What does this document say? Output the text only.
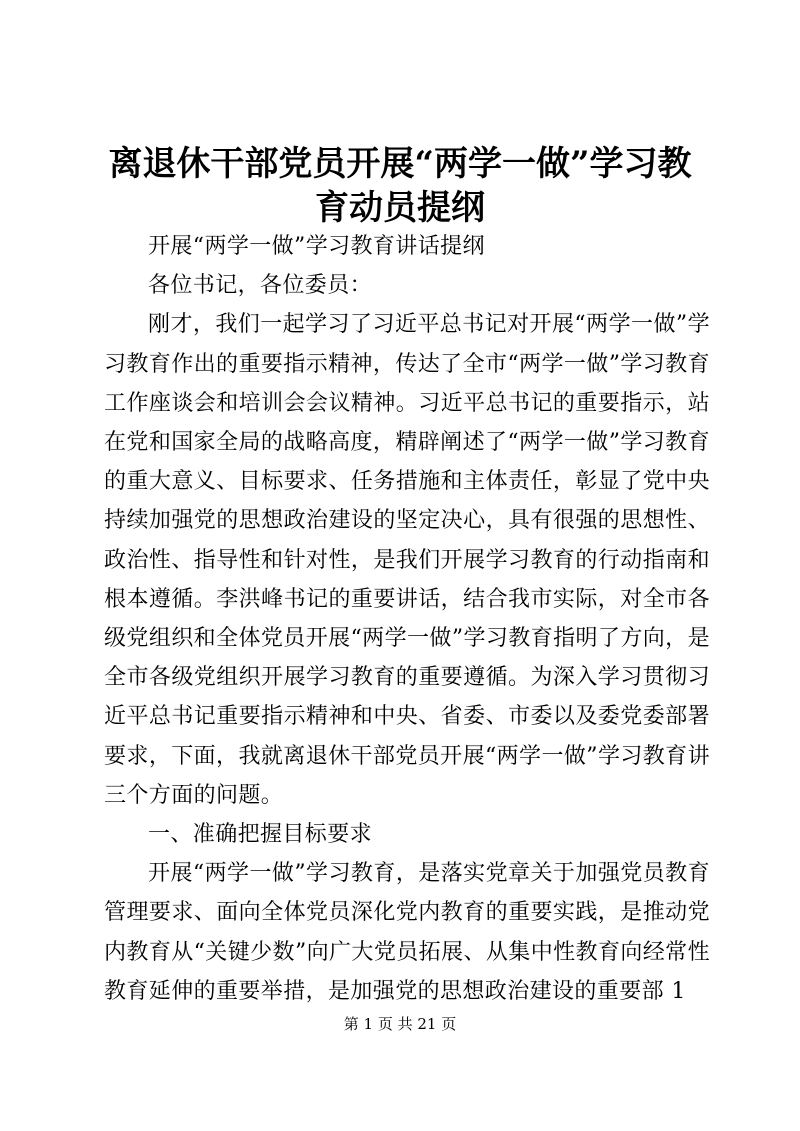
离退休干部党员开展“两学一做”学习教育动员提纲

开展“两学一做”学习教育讲话提纲

各位书记，各位委员：

刚才，我们一起学习了习近平总书记对开展“两学一做”学习教育作出的重要指示精神，传达了全市“两学一做”学习教育工作座谈会和培训会会议精神。习近平总书记的重要指示，站在党和国家全局的战略高度，精辟阐述了“两学一做”学习教育的重大意义、目标要求、任务措施和主体责任，彰显了党中央持续加强党的思想政治建设的坚定决心，具有很强的思想性、政治性、指导性和针对性，是我们开展学习教育的行动指南和根本遵循。李洪峰书记的重要讲话，结合我市实际，对全市各级党组织和全体党员开展“两学一做”学习教育指明了方向，是全市各级党组织开展学习教育的重要遵循。为深入学习贯彻习近平总书记重要指示精神和中央、省委、市委以及委党委部署要求，下面，我就离退休干部党员开展“两学一做”学习教育讲三个方面的问题。

一、准确把握目标要求

开展“两学一做”学习教育，是落实党章关于加强党员教育管理要求、面向全体党员深化党内教育的重要实践，是推动党内教育从“关键少数”向广大党员拓展、从集中性教育向经常性教育延伸的重要举措，是加强党的思想政治建设的重要部 1

第 1 页 共 21 页
